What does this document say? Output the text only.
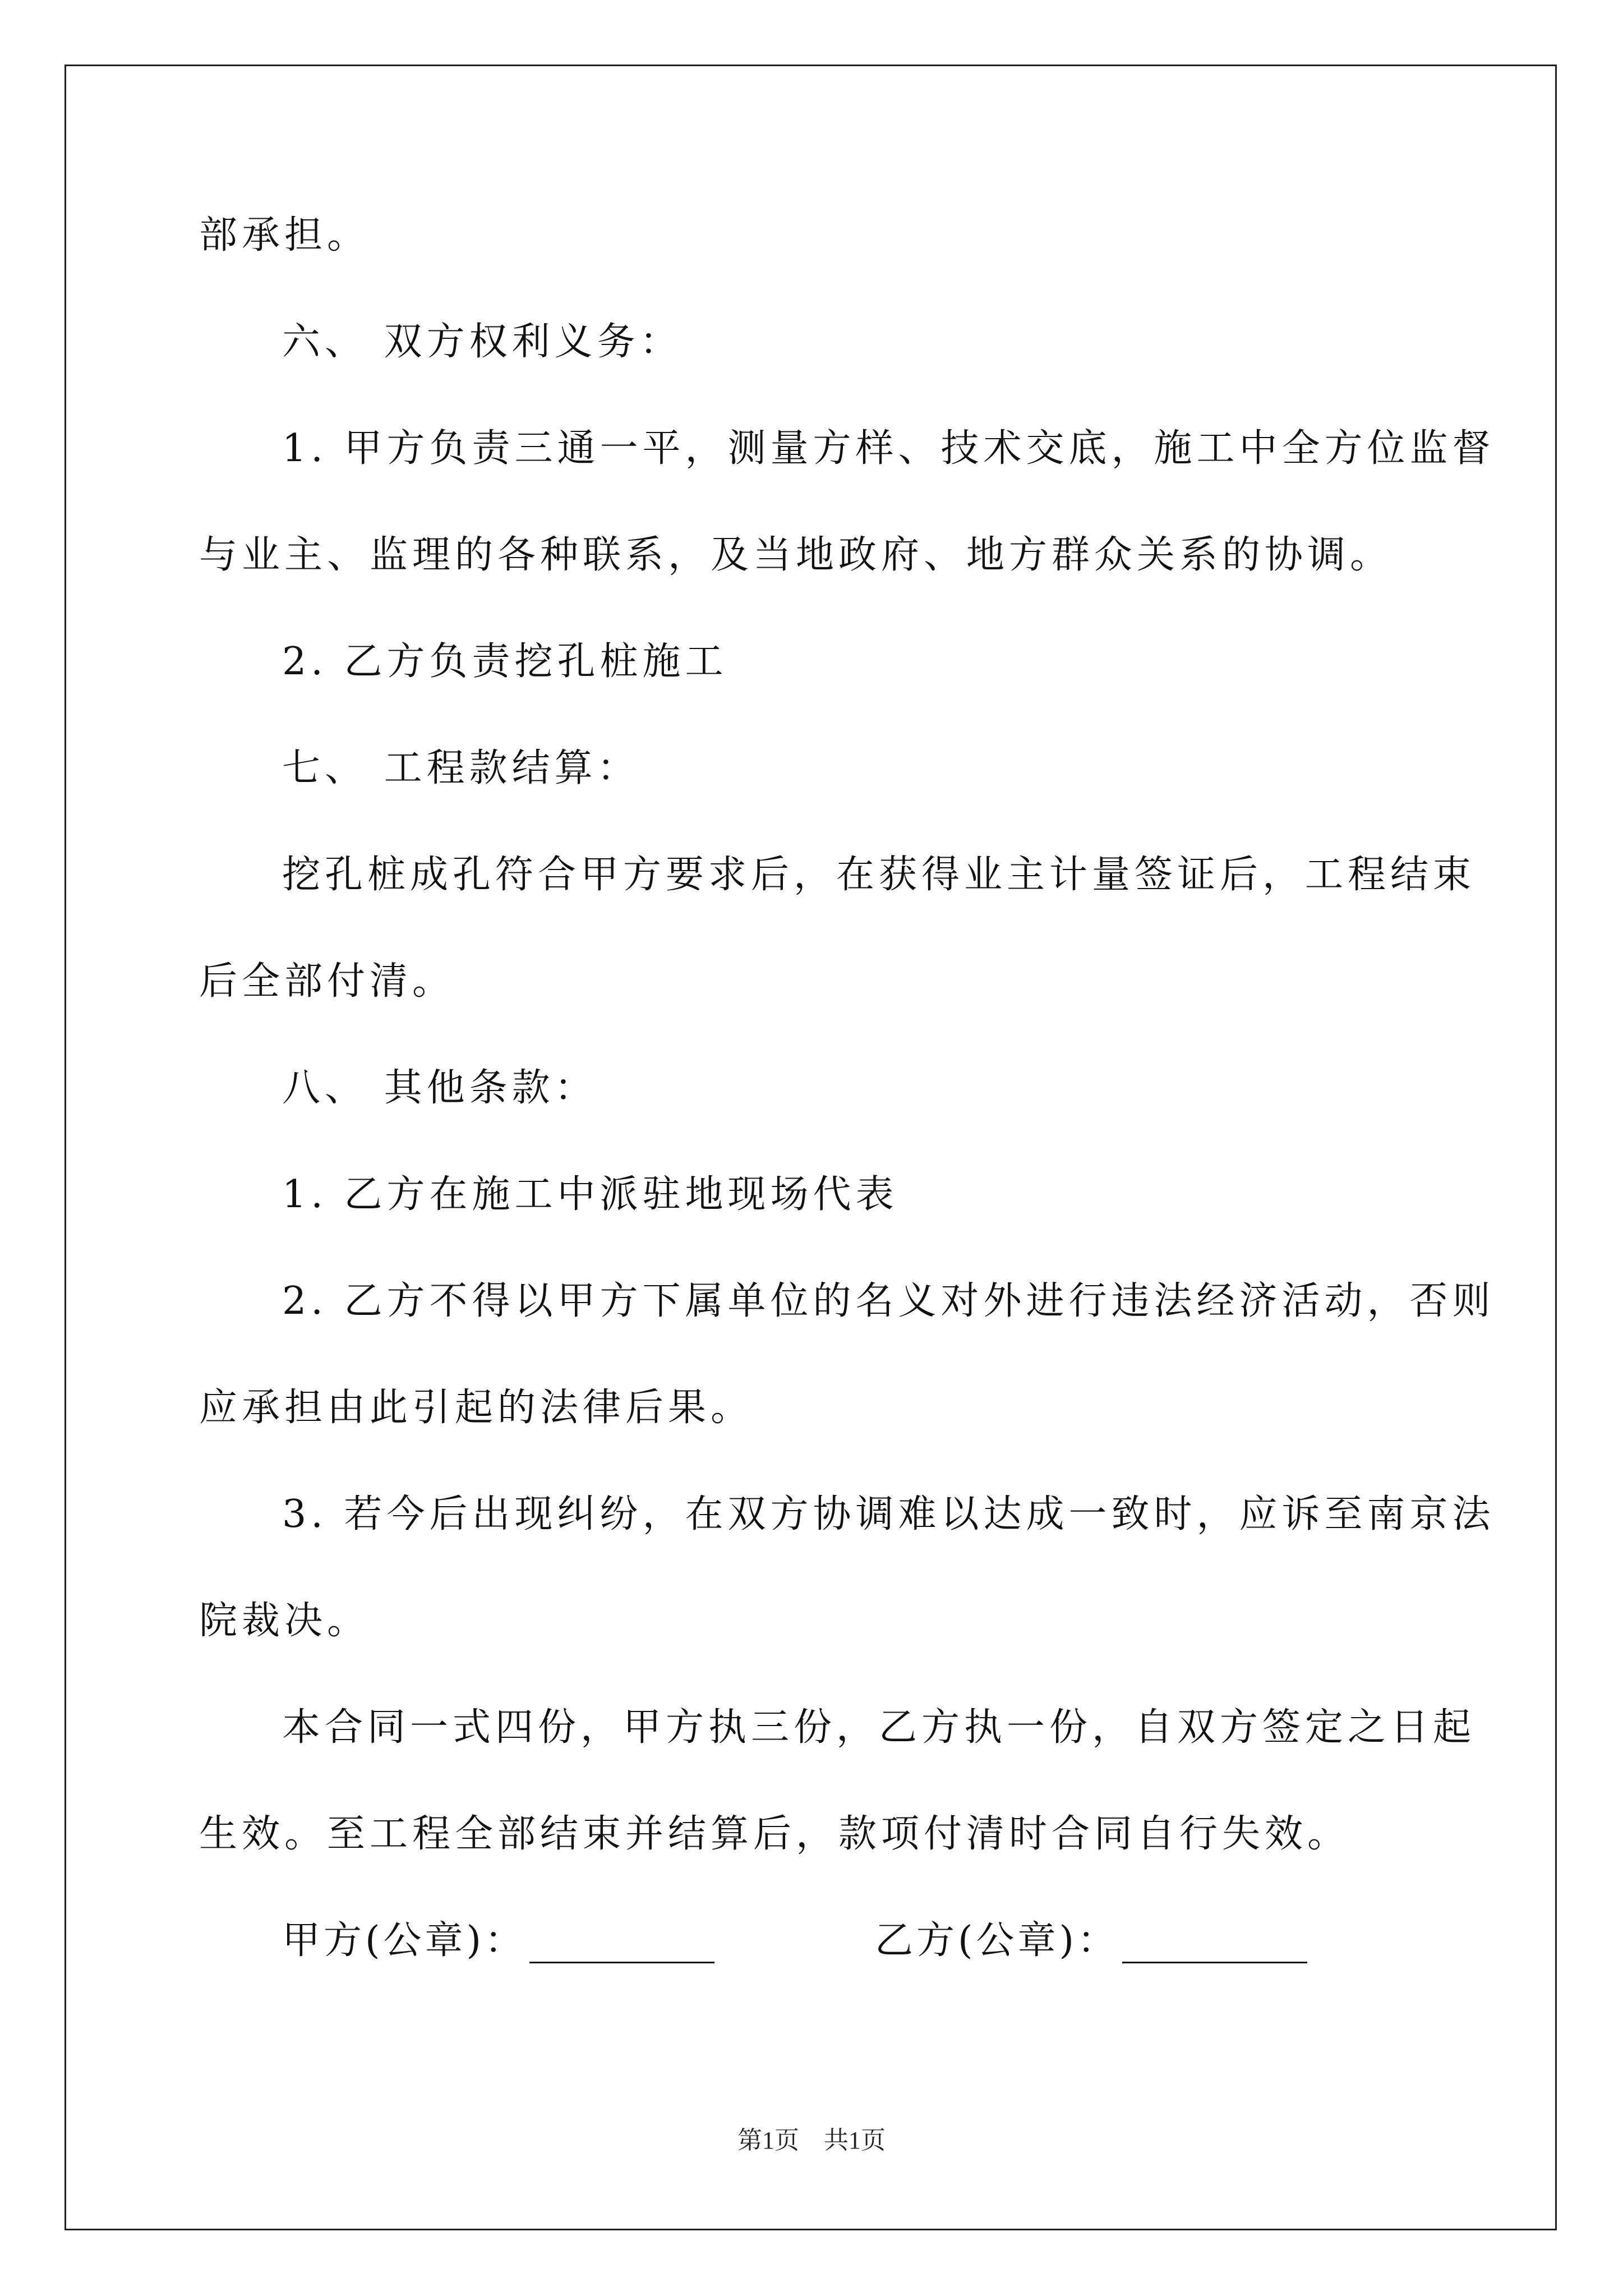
部承担。
六、 双方权利义务：
1. 甲方负责三通一平，测量方样、技术交底，施工中全方位监督
与业主、监理的各种联系，及当地政府、地方群众关系的协调。
2. 乙方负责挖孔桩施工
七、 工程款结算：
挖孔桩成孔符合甲方要求后，在获得业主计量签证后，工程结束
后全部付清。
八、 其他条款：
1. 乙方在施工中派驻地现场代表
2. 乙方不得以甲方下属单位的名义对外进行违法经济活动，否则
应承担由此引起的法律后果。
3. 若今后出现纠纷，在双方协调难以达成一致时，应诉至南京法
院裁决。
本合同一式四份，甲方执三份，乙方执一份，自双方签定之日起
生效。至工程全部结束并结算后，款项付清时合同自行失效。
甲方(公章)：	乙方(公章)：
第1页　共1页
